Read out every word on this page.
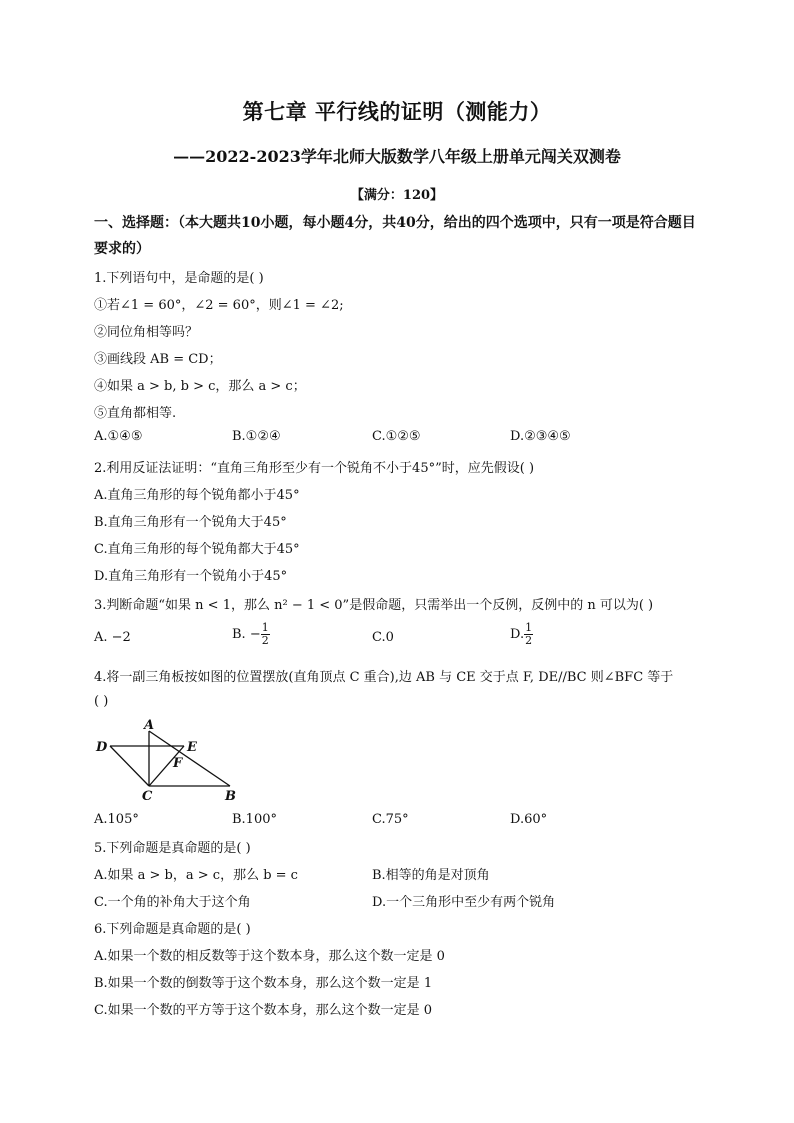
第七章 平行线的证明（测能力）
——2022-2023学年北师大版数学八年级上册单元闯关双测卷
【满分：120】
一、选择题：（本大题共10小题，每小题4分，共40分，给出的四个选项中，只有一项是符合题目要求的）
1.下列语句中，是命题的是( )
①若∠1 = 60°，∠2 = 60°，则∠1 = ∠2;
②同位角相等吗？
③画线段 AB = CD；
④如果 a > b, b > c，那么 a > c；
⑤直角都相等.
A.①④⑤	B.①②④	C.①②⑤	D.②③④⑤
2.利用反证法证明：“直角三角形至少有一个锐角不小于45°”时，应先假设( )
A.直角三角形的每个锐角都小于45°
B.直角三角形有一个锐角大于45°
C.直角三角形的每个锐角都大于45°
D.直角三角形有一个锐角小于45°
3.判断命题“如果 n < 1，那么 n² − 1 < 0”是假命题，只需举出一个反例，反例中的 n 可以为( )
A. −2	B. − $\frac{1}{2}$	C.0	D. $\frac{1}{2}$
4.将一副三角板按如图的位置摆放(直角顶点 C 重合),边 AB 与 CE 交于点 F, DE//BC 则∠BFC 等于
( )
A
D	E
F
C	B
A.105°	B.100°	C.75°	D.60°
5.下列命题是真命题的是( )
A.如果 a > b，a > c，那么 b = c	B.相等的角是对顶角
C.一个角的补角大于这个角	D.一个三角形中至少有两个锐角
6.下列命题是真命题的是( )
A.如果一个数的相反数等于这个数本身，那么这个数一定是 0
B.如果一个数的倒数等于这个数本身，那么这个数一定是 1
C.如果一个数的平方等于这个数本身，那么这个数一定是 0
